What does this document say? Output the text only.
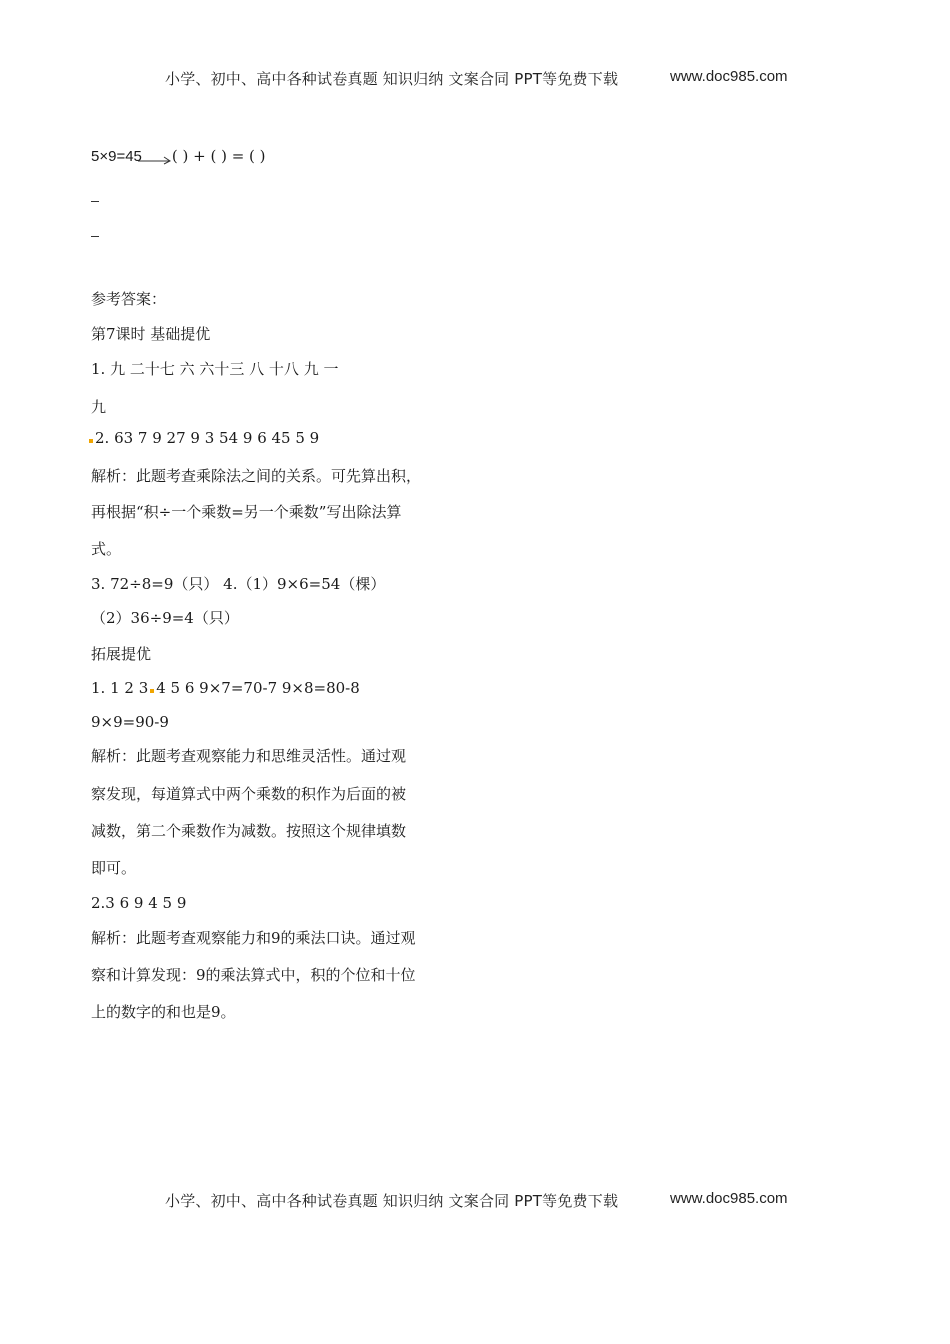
小学、初中、高中各种试卷真题 知识归纳 文案合同 PPT等免费下载	www.doc985.com
5×9=45 ( ) + ( ) = ( )
参考答案：
第7课时 基础提优
1. 九 二十七 六 六十三 八 十八 九 一
九
2. 63 7 9 27 9 3 54 9 6 45 5 9
解析：此题考查乘除法之间的关系。可先算出积，
再根据“积÷一个乘数=另一个乘数”写出除法算
式。
3. 72÷8=9（只） 4.（1）9×6=54（棵）
（2）36÷9=4（只）
拓展提优
1. 1 2 3 4 5 6 9×7=70-7 9×8=80-8
9×9=90-9
解析：此题考查观察能力和思维灵活性。通过观
察发现，每道算式中两个乘数的积作为后面的被
减数，第二个乘数作为减数。按照这个规律填数
即可。
2.3 6 9 4 5 9
解析：此题考查观察能力和9的乘法口诀。通过观
察和计算发现：9的乘法算式中，积的个位和十位
上的数字的和也是9。
小学、初中、高中各种试卷真题 知识归纳 文案合同 PPT等免费下载	www.doc985.com
